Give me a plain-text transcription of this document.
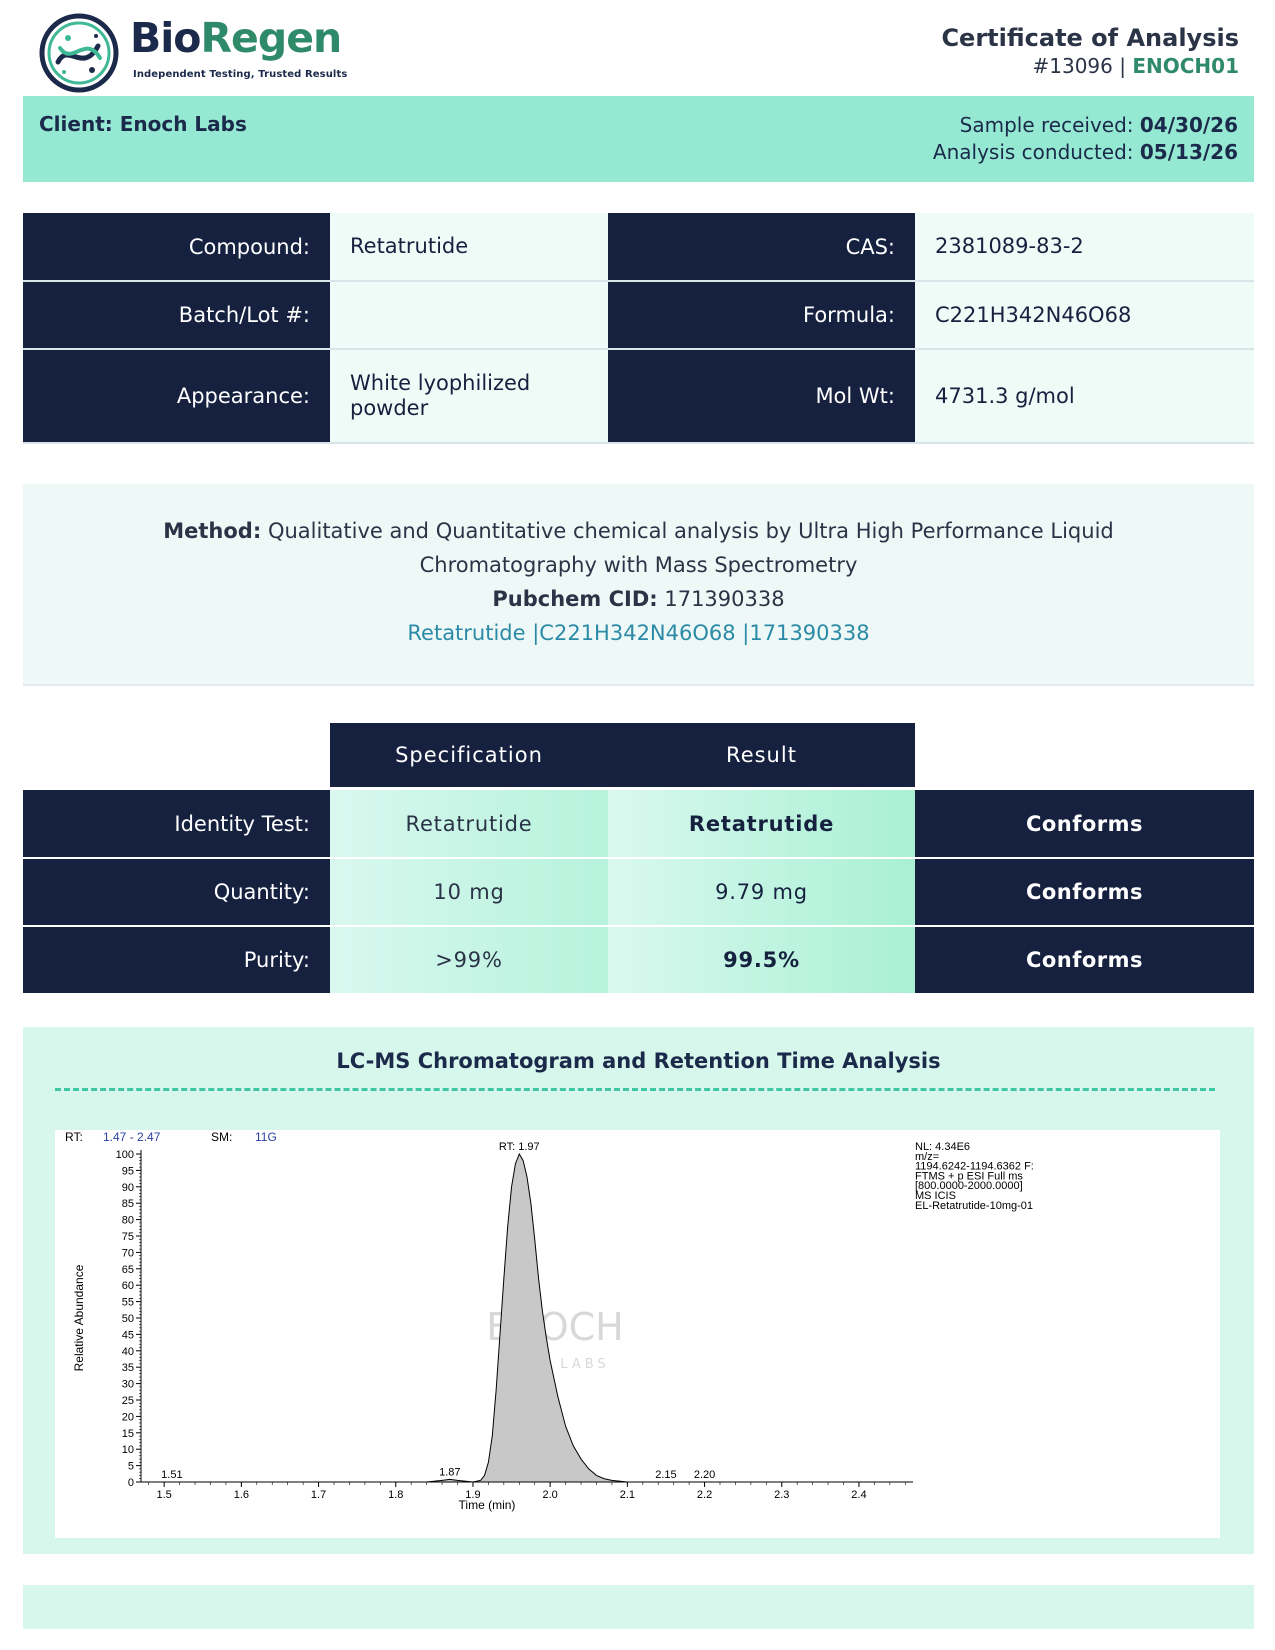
BioRegen
Independent Testing, Trusted Results
Certificate of Analysis
#13096 | ENOCH01
Client: Enoch Labs	Sample received: 04/30/26
Analysis conducted: 05/13/26
Compound:	Retatrutide	CAS:	2381089-83-2
Batch/Lot #:		Formula:	C221H342N46O68
Appearance:	White lyophilized powder	Mol Wt:	4731.3 g/mol
Method: Qualitative and Quantitative chemical analysis by Ultra High Performance Liquid Chromatography with Mass Spectrometry
Pubchem CID: 171390338
Retatrutide |C221H342N46O68 |171390338
Specification	Result
Identity Test:	Retatrutide	Retatrutide	Conforms
Quantity:	10 mg	9.79 mg	Conforms
Purity:	>99%	99.5%	Conforms
LC-MS Chromatogram and Retention Time Analysis
ENOCH
LABS
0
5
10
15
20
25
30
35
40
45
50
55
60
65
70
75
80
85
90
95
100
1.5	1.6	1.7	1.8	1.9	2.0	2.1	2.2	2.3	2.4
Time (min)
Relative Abundance
1.51	1.87
RT: 1.97
2.15 2.20
RT: 1.47 - 2.47	SM: 11G
NL: 4.34E6
m/z=
1194.6242-1194.6362 F:
FTMS + p ESI Full ms
[800.0000-2000.0000]
MS ICIS
EL-Retatrutide-10mg-01
